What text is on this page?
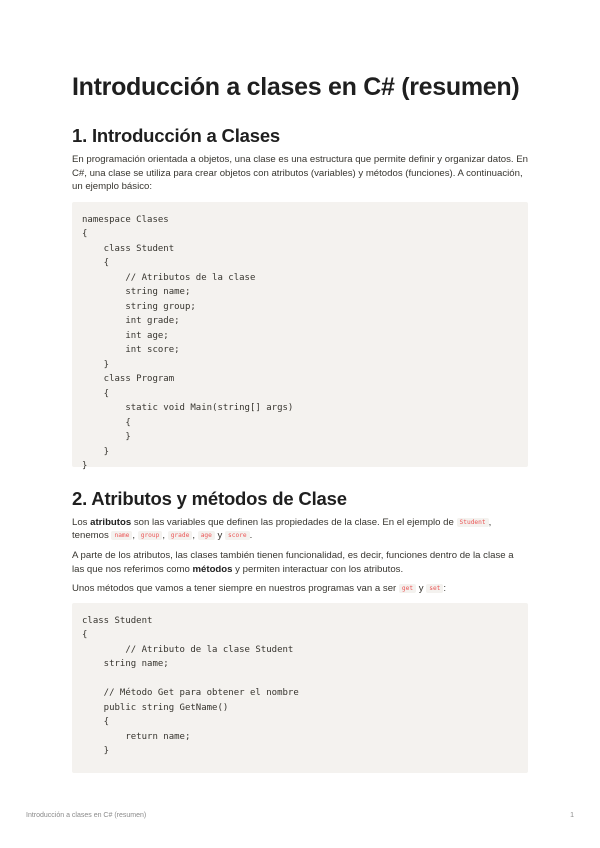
Introducción a clases en C# (resumen)
1. Introducción a Clases

En programación orientada a objetos, una clase es una estructura que permite definir y organizar datos. En C#, una clase se utiliza para crear objetos con atributos (variables) y métodos (funciones). A continuación, un ejemplo básico:

namespace Clases
{
class Student
{
// Atributos de la clase
string name;
string group;
int grade;
int age;
int score;
}
class Program
{
static void Main(string[] args)
{
}
}
}
2. Atributos y métodos de Clase

Los atributos son las variables que definen las propiedades de la clase. En el ejemplo de Student , tenemos name , group , grade , age y score .

A parte de los atributos, las clases también tienen funcionalidad, es decir, funciones dentro de la clase a las que nos referimos como métodos y permiten interactuar con los atributos.

Unos métodos que vamos a tener siempre en nuestros programas van a ser get y set :

class Student
{
// Atributo de la clase Student
string name;

// Método Get para obtener el nombre
public string GetName()
{
return name;
}
Introducción a clases en C# (resumen)	1
